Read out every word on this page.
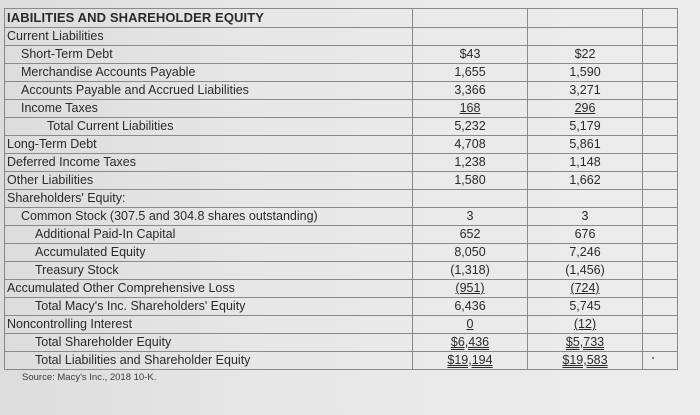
IABILITIES AND SHAREHOLDER EQUITY			
Current Liabilities			
Short-Term Debt	$43	$22	
Merchandise Accounts Payable	1,655	1,590	
Accounts Payable and Accrued Liabilities	3,366	3,271	
Income Taxes	168	296	
Total Current Liabilities	5,232	5,179	
Long-Term Debt	4,708	5,861	
Deferred Income Taxes	1,238	1,148	
Other Liabilities	1,580	1,662	
Shareholders' Equity:			
Common Stock (307.5 and 304.8 shares outstanding)	3	3	
Additional Paid-In Capital	652	676	
Accumulated Equity	8,050	7,246	
Treasury Stock	(1,318)	(1,456)	
Accumulated Other Comprehensive Loss	(951)	(724)	
Total Macy's Inc. Shareholders' Equity	6,436	5,745	
Noncontrolling Interest	0	(12)	
Total Shareholder Equity	$6,436	$5,733	
Total Liabilities and Shareholder Equity	$19,194	$19,583	
Source: Macy's Inc., 2018 10-K.
